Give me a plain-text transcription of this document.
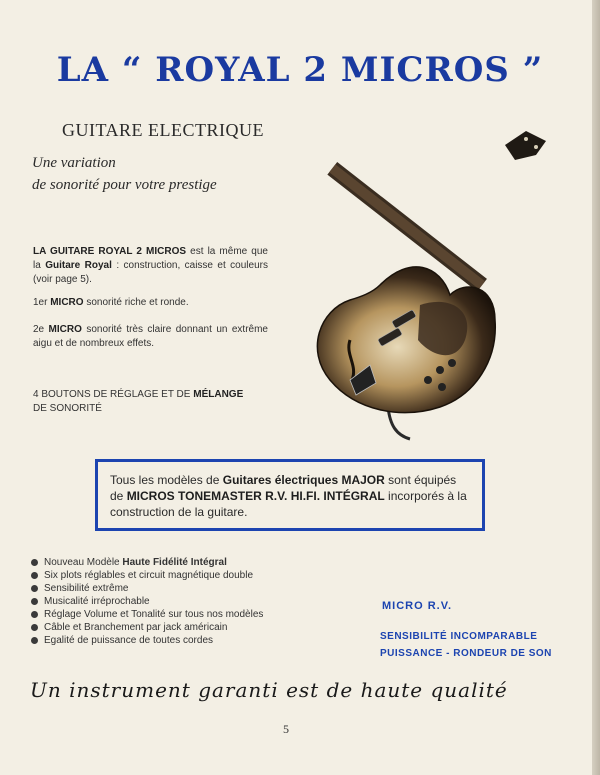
LA “ ROYAL 2 MICROS ”
GUITARE ELECTRIQUE
Une variation
de sonorité pour votre prestige
LA GUITARE ROYAL 2 MICROS est la même que la Guitare Royal : construction, caisse et couleurs (voir page 5).
1er MICRO sonorité riche et ronde.
2e MICRO sonorité très claire donnant un extrême aigu et de nombreux effets.
4 BOUTONS DE RÉGLAGE ET DE MÉLANGE
DE SONORITÉ
Tous les modèles de Guitares électriques MAJOR sont équipés de MICROS TONEMASTER R.V. HI.FI. INTÉGRAL incorporés à la construction de la guitare.
Nouveau Modèle Haute Fidélité Intégral
Six plots réglables et circuit magnétique double
Sensibilité extrême
Musicalité irréprochable
Réglage Volume et Tonalité sur tous nos modèles
Câble et Branchement par jack américain
Egalité de puissance de toutes cordes
MICRO R.V.
SENSIBILITÉ INCOMPARABLE
PUISSANCE - RONDEUR DE SON
Un instrument garanti est de haute qualité
5
